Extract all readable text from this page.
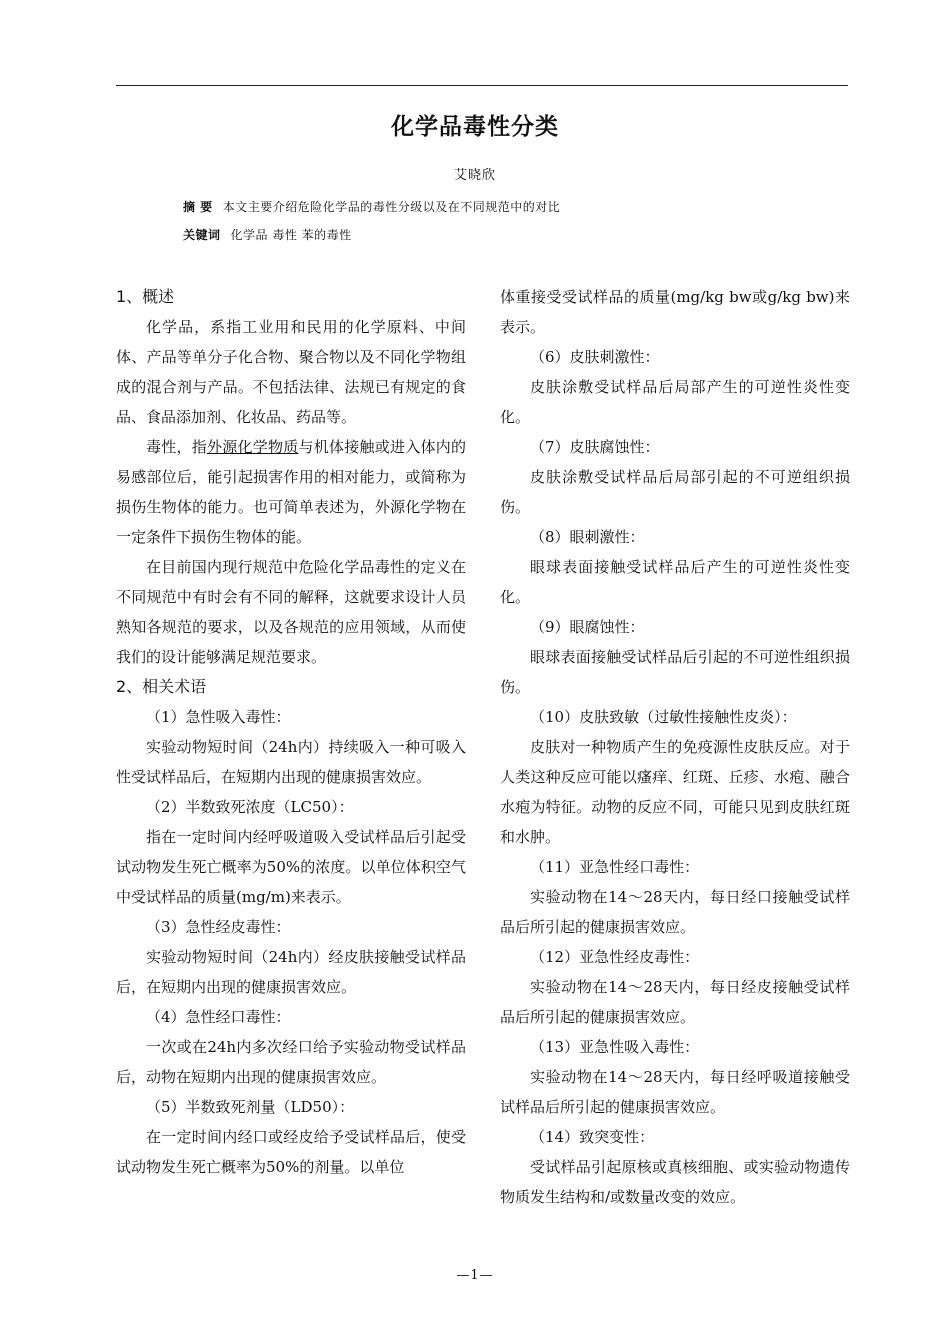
化学品毒性分类
艾晓欣
摘 要 本文主要介绍危险化学品的毒性分级以及在不同规范中的对比
关键词 化学品 毒性 苯的毒性
1、概述

化学品，系指工业用和民用的化学原料、中间体、产品等单分子化合物、聚合物以及不同化学物组成的混合剂与产品。不包括法律、法规已有规定的食品、食品添加剂、化妆品、药品等。

毒性，指外源化学物质与机体接触或进入体内的易感部位后，能引起损害作用的相对能力，或简称为损伤生物体的能力。也可简单表述为，外源化学物在一定条件下损伤生物体的能。

在目前国内现行规范中危险化学品毒性的定义在不同规范中有时会有不同的解释，这就要求设计人员熟知各规范的要求，以及各规范的应用领域，从而使我们的设计能够满足规范要求。

2、相关术语

（1）急性吸入毒性：

实验动物短时间（24h内）持续吸入一种可吸入性受试样品后，在短期内出现的健康损害效应。

（2）半数致死浓度（LC50）：

指在一定时间内经呼吸道吸入受试样品后引起受试动物发生死亡概率为50%的浓度。以单位体积空气中受试样品的质量(mg/m)来表示。

（3）急性经皮毒性：

实验动物短时间（24h内）经皮肤接触受试样品后，在短期内出现的健康损害效应。

（4）急性经口毒性：

一次或在24h内多次经口给予实验动物受试样品后，动物在短期内出现的健康损害效应。

（5）半数致死剂量（LD50）：

在一定时间内经口或经皮给予受试样品后，使受试动物发生死亡概率为50%的剂量。以单位

体重接受受试样品的质量(mg/kg bw或g/kg bw)来表示。

（6）皮肤刺激性：

皮肤涂敷受试样品后局部产生的可逆性炎性变化。

（7）皮肤腐蚀性：

皮肤涂敷受试样品后局部引起的不可逆组织损伤。

（8）眼刺激性：

眼球表面接触受试样品后产生的可逆性炎性变化。

（9）眼腐蚀性：

眼球表面接触受试样品后引起的不可逆性组织损伤。

（10）皮肤致敏（过敏性接触性皮炎）：

皮肤对一种物质产生的免疫源性皮肤反应。对于人类这种反应可能以瘙痒、红斑、丘疹、水疱、融合水疱为特征。动物的反应不同，可能只见到皮肤红斑和水肿。

（11）亚急性经口毒性：

实验动物在14～28天内，每日经口接触受试样品后所引起的健康损害效应。

（12）亚急性经皮毒性：

实验动物在14～28天内，每日经皮接触受试样品后所引起的健康损害效应。

（13）亚急性吸入毒性：

实验动物在14～28天内，每日经呼吸道接触受试样品后所引起的健康损害效应。

（14）致突变性：

受试样品引起原核或真核细胞、或实验动物遗传物质发生结构和/或数量改变的效应。

—1—
